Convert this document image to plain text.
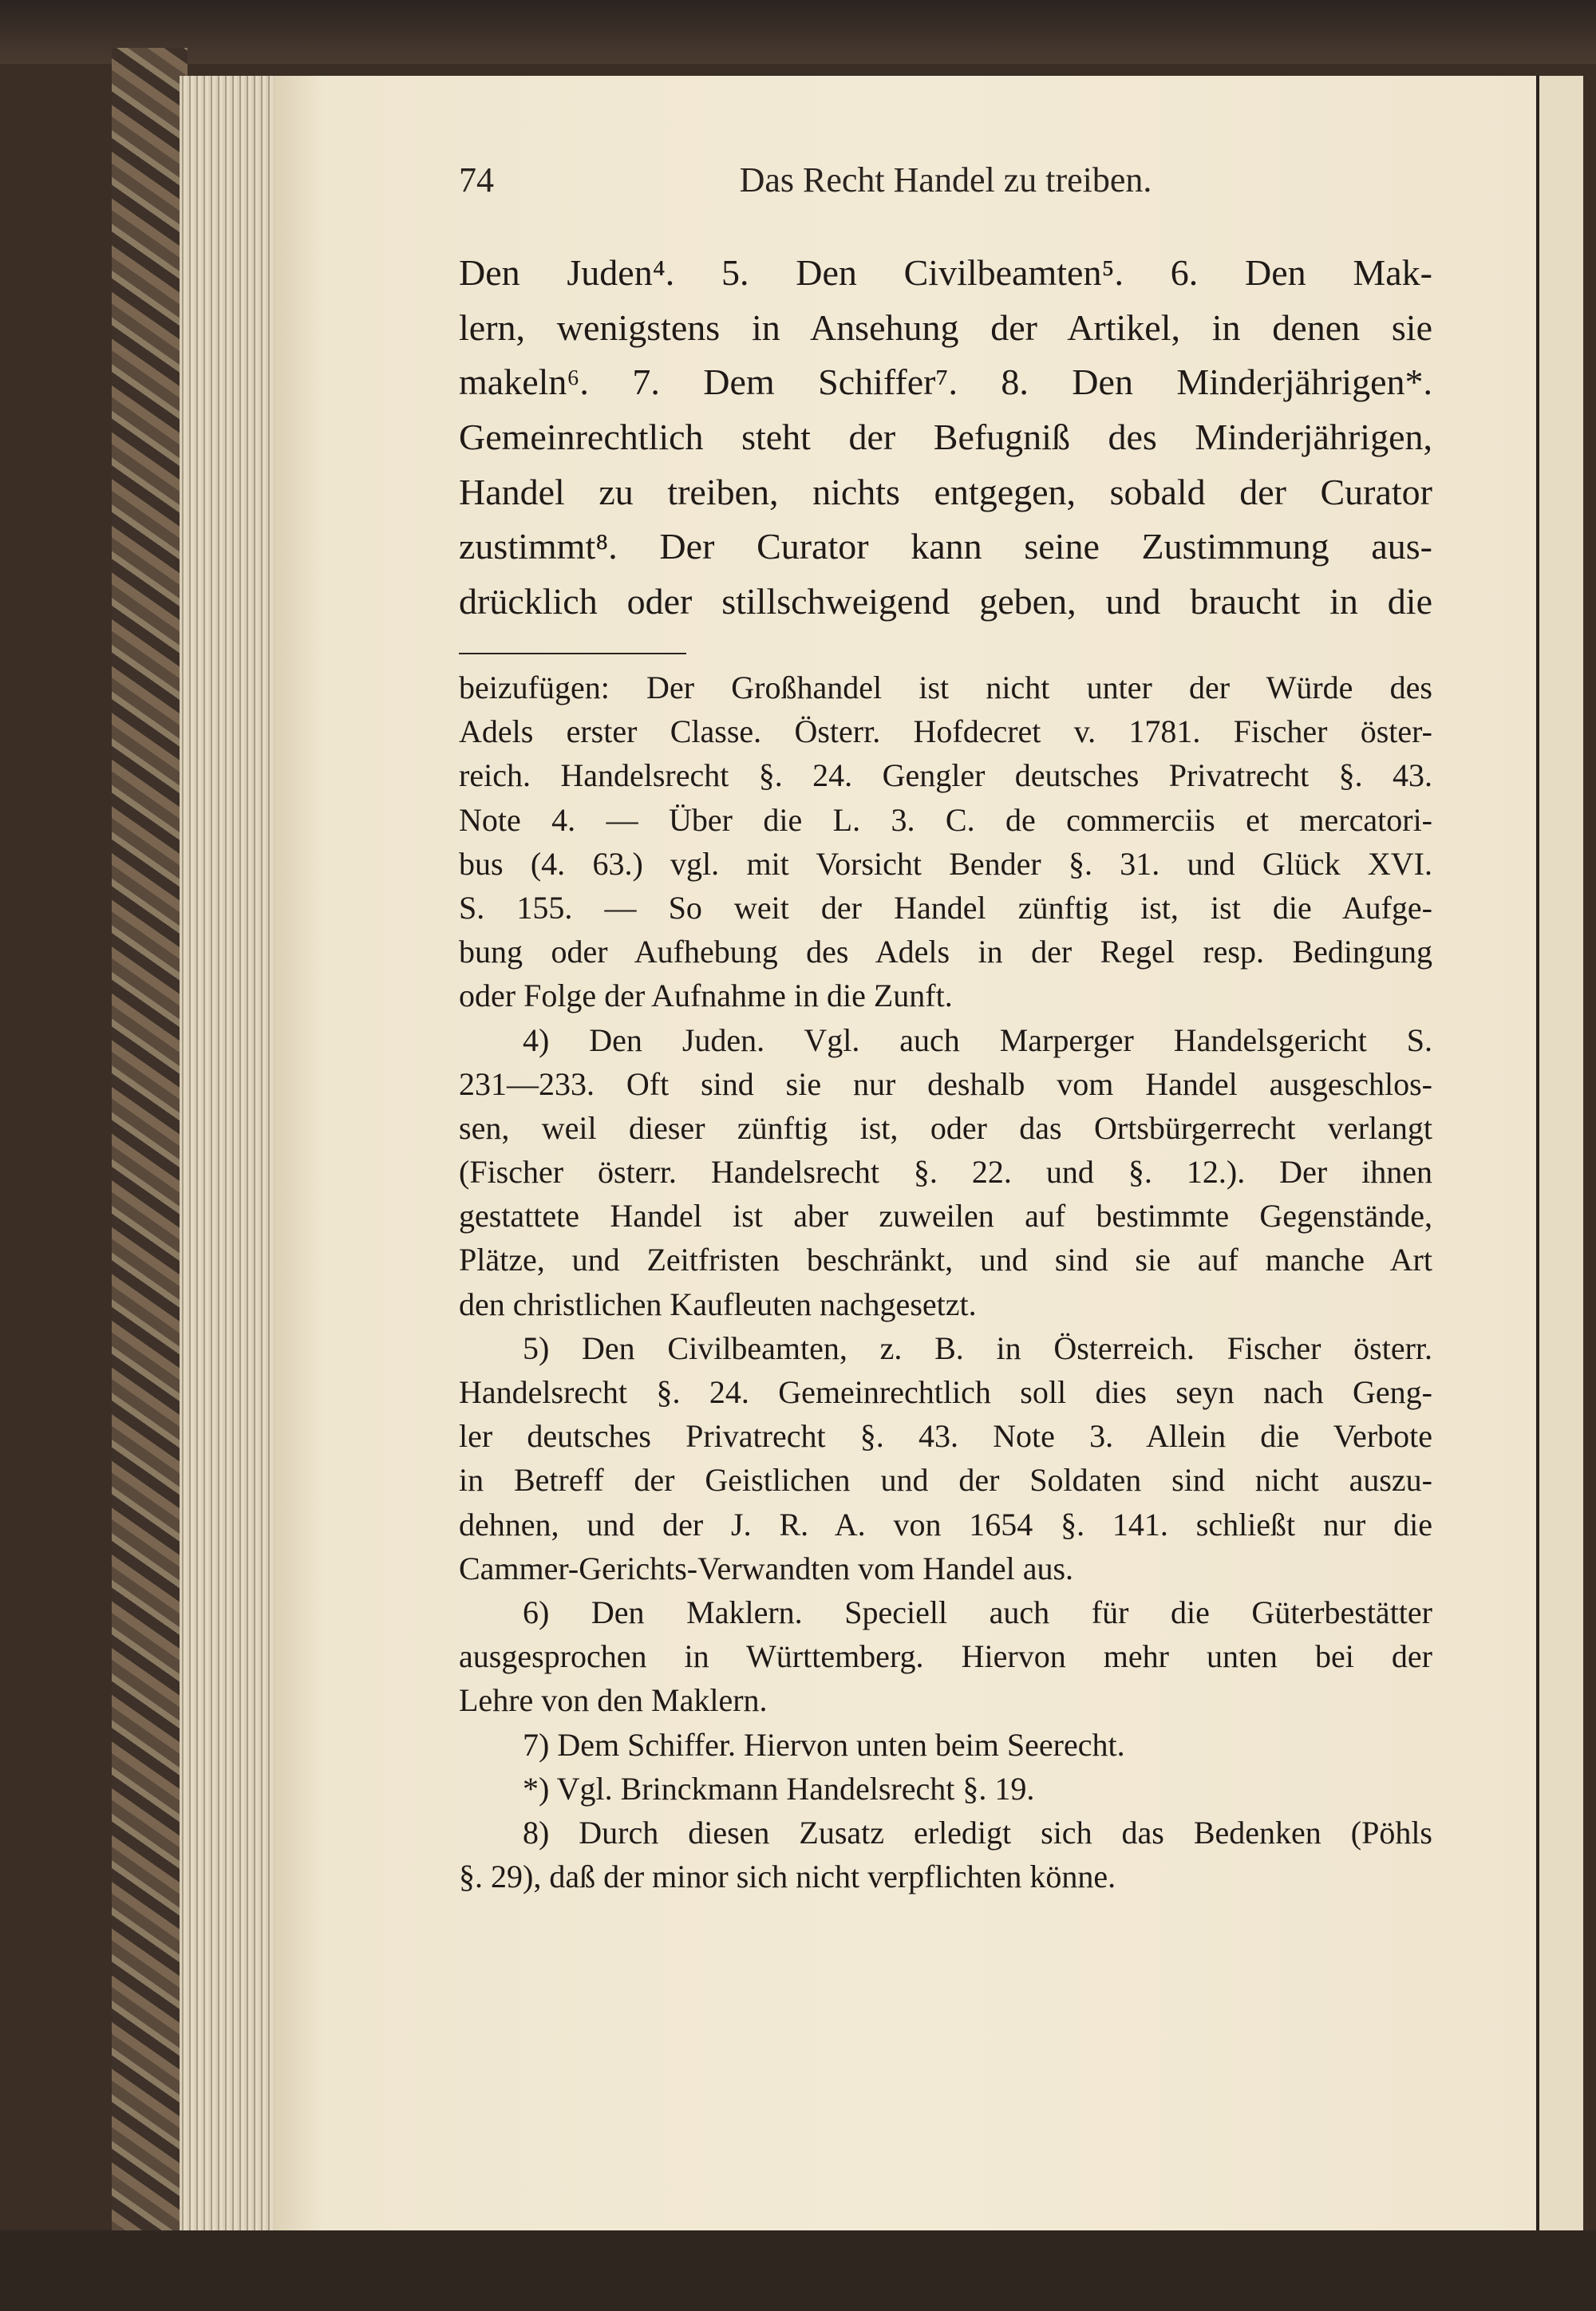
74	Das Recht Handel zu treiben.
Den Juden⁴. 5. Den Civilbeamten⁵. 6. Den Mak-
lern, wenigstens in Ansehung der Artikel, in denen sie
makeln⁶. 7. Dem Schiffer⁷. 8. Den Minderjährigen*.
Gemeinrechtlich steht der Befugniß des Minderjährigen,
Handel zu treiben, nichts entgegen, sobald der Curator
zustimmt⁸. Der Curator kann seine Zustimmung aus-
drücklich oder stillschweigend geben, und braucht in die
beizufügen: Der Großhandel ist nicht unter der Würde des
Adels erster Classe. Österr. Hofdecret v. 1781. Fischer öster-
reich. Handelsrecht §. 24. Gengler deutsches Privatrecht §. 43.
Note 4. — Über die L. 3. C. de commerciis et mercatori-
bus (4. 63.) vgl. mit Vorsicht Bender §. 31. und Glück XVI.
S. 155. — So weit der Handel zünftig ist, ist die Aufge-
bung oder Aufhebung des Adels in der Regel resp. Bedingung
oder Folge der Aufnahme in die Zunft.
4) Den Juden. Vgl. auch Marperger Handelsgericht S.
231—233. Oft sind sie nur deshalb vom Handel ausgeschlos-
sen, weil dieser zünftig ist, oder das Ortsbürgerrecht verlangt
(Fischer österr. Handelsrecht §. 22. und §. 12.). Der ihnen
gestattete Handel ist aber zuweilen auf bestimmte Gegenstände,
Plätze, und Zeitfristen beschränkt, und sind sie auf manche Art
den christlichen Kaufleuten nachgesetzt.
5) Den Civilbeamten, z. B. in Österreich. Fischer österr.
Handelsrecht §. 24. Gemeinrechtlich soll dies seyn nach Geng-
ler deutsches Privatrecht §. 43. Note 3. Allein die Verbote
in Betreff der Geistlichen und der Soldaten sind nicht auszu-
dehnen, und der J. R. A. von 1654 §. 141. schließt nur die
Cammer-Gerichts-Verwandten vom Handel aus.
6) Den Maklern. Speciell auch für die Güterbestätter
ausgesprochen in Württemberg. Hiervon mehr unten bei der
Lehre von den Maklern.
7) Dem Schiffer. Hiervon unten beim Seerecht.
*) Vgl. Brinckmann Handelsrecht §. 19.
8) Durch diesen Zusatz erledigt sich das Bedenken (Pöhls
§. 29), daß der minor sich nicht verpflichten könne.
